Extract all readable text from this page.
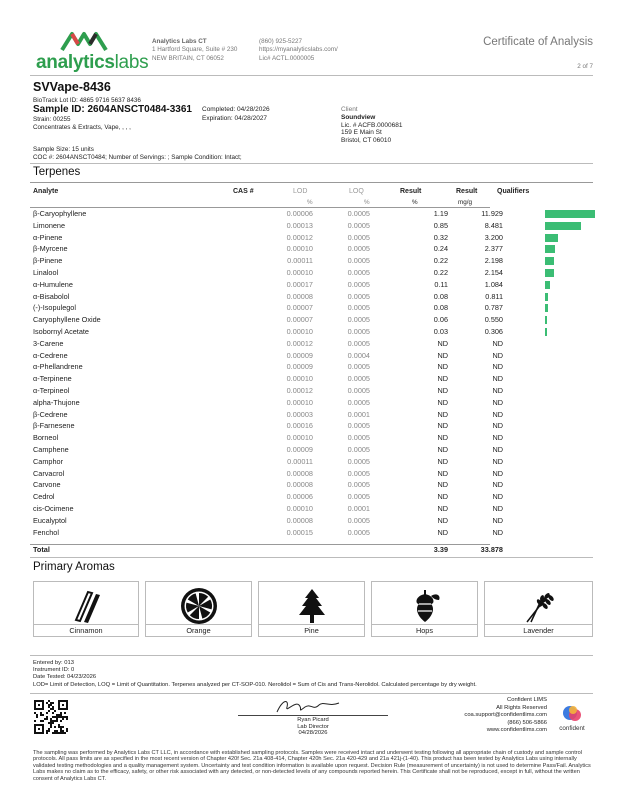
analyticslabs
Analytics Labs CT
1 Hartford Square, Suite # 230
NEW BRITAIN, CT 06052
(860) 925-5227
https://myanalyticslabs.com/
Lic# ACTL.0000005
Certificate of Analysis
2 of 7
SVVape-8436
BioTrack Lot ID: 4865 9716 5637 8436
Sample ID: 2604ANSCT0484-3361 Completed: 04/28/2026
Expiration: 04/28/2027
Strain: 00255
Concentrates & Extracts, Vape, , , ,
Client
Soundview
Lic. # ACFB.0000681
159 E Main St
Bristol, CT 06010
Sample Size: 15 units
COC #: 2604ANSCT0484; Number of Servings: ; Sample Condition: Intact;
Terpenes
Analyte	CAS #	LOD	LOQ	Result	Result	Qualifiers
%	%	%	mg/g
β-Caryophyllene	0.00006	0.0005	1.19	11.929
Limonene	0.00013	0.0005	0.85	8.481
α-Pinene	0.00012	0.0005	0.32	3.200
β-Myrcene	0.00010	0.0005	0.24	2.377
β-Pinene	0.00011	0.0005	0.22	2.198
Linalool	0.00010	0.0005	0.22	2.154
α-Humulene	0.00017	0.0005	0.11	1.084
α-Bisabolol	0.00008	0.0005	0.08	0.811
(-)-Isopulegol	0.00007	0.0005	0.08	0.787
Caryophyllene Oxide	0.00007	0.0005	0.06	0.550
Isobornyl Acetate	0.00010	0.0005	0.03	0.306
3-Carene	0.00012	0.0005	ND	ND
α-Cedrene	0.00009	0.0004	ND	ND
α-Phellandrene	0.00009	0.0005	ND	ND
α-Terpinene	0.00010	0.0005	ND	ND
α-Terpineol	0.00012	0.0005	ND	ND
alpha-Thujone	0.00010	0.0005	ND	ND
β-Cedrene	0.00003	0.0001	ND	ND
β-Farnesene	0.00016	0.0005	ND	ND
Borneol	0.00010	0.0005	ND	ND
Camphene	0.00009	0.0005	ND	ND
Camphor	0.00011	0.0005	ND	ND
Carvacrol	0.00008	0.0005	ND	ND
Carvone	0.00008	0.0005	ND	ND
Cedrol	0.00006	0.0005	ND	ND
cis-Ocimene	0.00010	0.0001	ND	ND
Eucalyptol	0.00008	0.0005	ND	ND
Fenchol	0.00015	0.0005	ND	ND
Total	3.39	33.878
Primary Aromas
Cinnamon	Orange	Pine	Hops	Lavender
Entered by: 013
Instrument ID: 0
Date Tested: 04/23/2026
LOD= Limit of Detection, LOQ = Limit of Quantitation. Terpenes analyzed per CT-SOP-010. Nerolidol = Sum of Cis and Trans-Nerolidol. Calculated percentage by dry weight.
Ryan Picard
Lab Director
04/28/2026
Confident LIMS
All Rights Reserved
coa.support@confidentlims.com
(866) 506-5866
www.confidentlims.com	confident
The sampling was performed by Analytics Labs CT LLC, in accordance with established sampling protocols. Samples were received intact and underwent testing following all appropriate chain of custody and sample control protocols. All pass limits are as specified in the most recent version of Chapter 420f Sec. 21a 408-414, Chapter 420h Sec. 21a 420-429 and 21a 421j-(1-40). This product has been tested by Analytics Labs using internally validated testing methodologies and a quality management system. Uncertainty and test condition information is available upon request. Decision Rule (measurement of uncertainty) is not used to determine Pass/Fail. Analytics Labs makes no claim as to the efficacy, safety, or other risk associated with any detected, or non-detected levels of any compounds reported herein. This Certificate shall not be reproduced, except in full, without the written consent of Analytics Labs CT.
